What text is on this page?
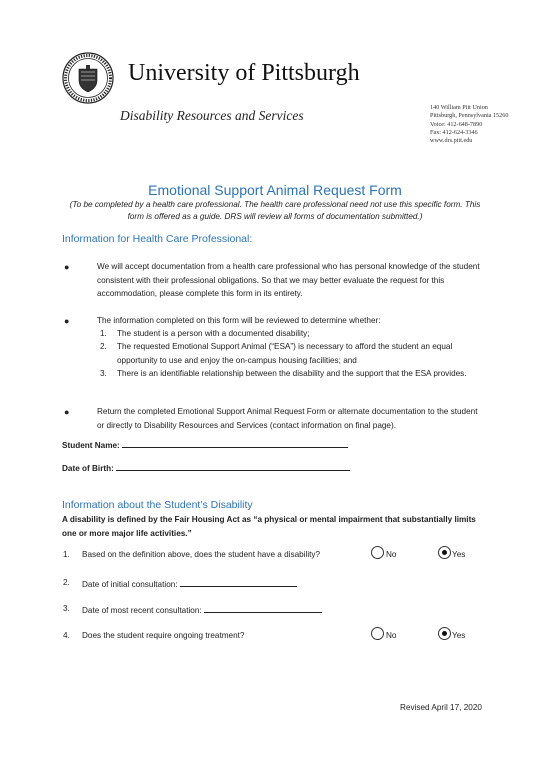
University of Pittsburgh
Disability Resources and Services
140 William Pitt Union
Pittsburgh, Pennsylvania 15260
Voice: 412-648-7890
Fax: 412-624-3346
www.drs.pitt.edu
Emotional Support Animal Request Form
(To be completed by a health care professional. The health care professional need not use this specific form. This form is offered as a guide. DRS will review all forms of documentation submitted.)
Information for Health Care Professional:
●	We will accept documentation from a health care professional who has personal knowledge of the student consistent with their professional obligations. So that we may better evaluate the request for this accommodation, please complete this form in its entirety.
●	The information completed on this form will be reviewed to determine whether:
1. The student is a person with a documented disability;
2. The requested Emotional Support Animal (“ESA”) is necessary to afford the student an equal opportunity to use and enjoy the on-campus housing facilities; and
3. There is an identifiable relationship between the disability and the support that the ESA provides.
●	Return the completed Emotional Support Animal Request Form or alternate documentation to the student or directly to Disability Resources and Services (contact information on final page).
Student Name:
Date of Birth:
Information about the Student’s Disability
A disability is defined by the Fair Housing Act as “a physical or mental impairment that substantially limits one or more major life activities.”
1. Based on the definition above, does the student have a disability?	No	Yes
2. Date of initial consultation:
3. Date of most recent consultation:
4. Does the student require ongoing treatment?	No	Yes
Revised April 17, 2020
